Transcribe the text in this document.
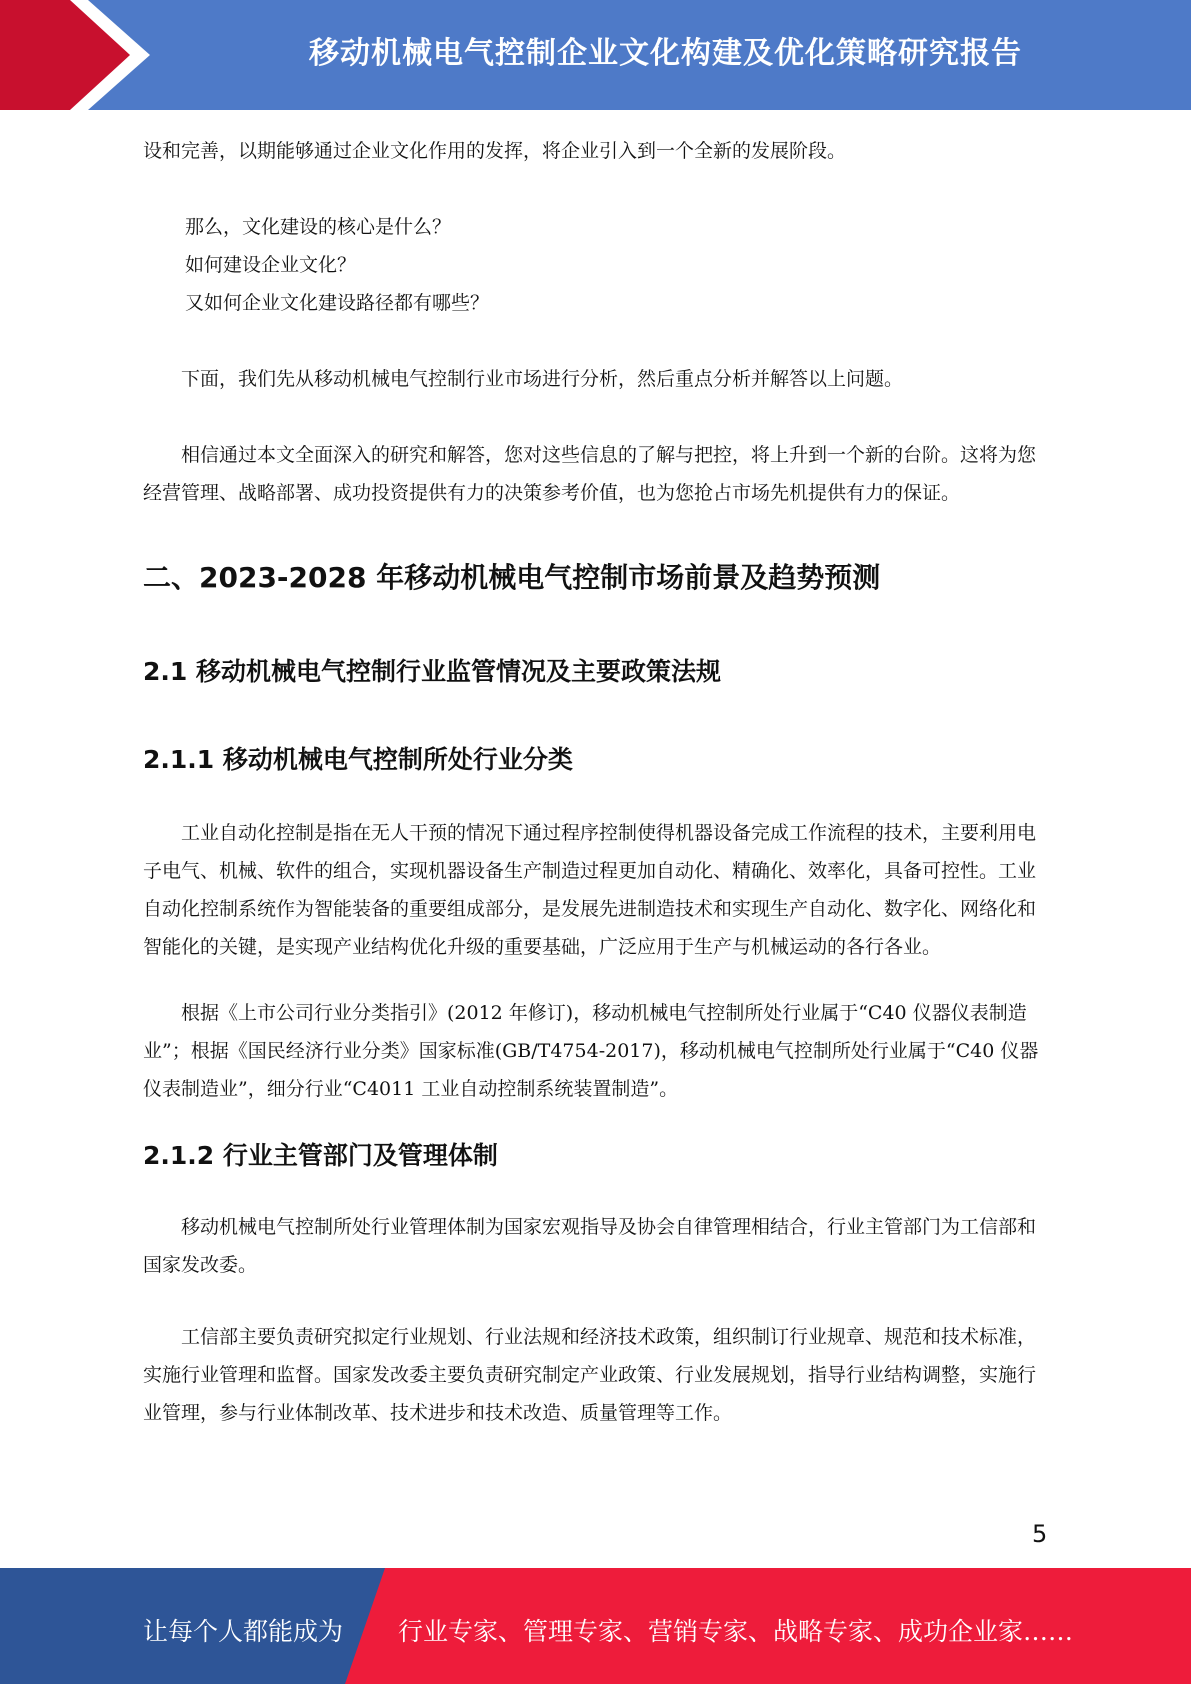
移动机械电气控制企业文化构建及优化策略研究报告

设和完善，以期能够通过企业文化作用的发挥，将企业引入到一个全新的发展阶段。

那么，文化建设的核心是什么？
如何建设企业文化？
又如何企业文化建设路径都有哪些？

下面，我们先从移动机械电气控制行业市场进行分析，然后重点分析并解答以上问题。

相信通过本文全面深入的研究和解答，您对这些信息的了解与把控，将上升到一个新的台阶。这将为您经营管理、战略部署、成功投资提供有力的决策参考价值，也为您抢占市场先机提供有力的保证。

二、2023-2028 年移动机械电气控制市场前景及趋势预测
2.1 移动机械电气控制行业监管情况及主要政策法规
2.1.1 移动机械电气控制所处行业分类

工业自动化控制是指在无人干预的情况下通过程序控制使得机器设备完成工作流程的技术，主要利用电子电气、机械、软件的组合，实现机器设备生产制造过程更加自动化、精确化、效率化，具备可控性。工业自动化控制系统作为智能装备的重要组成部分，是发展先进制造技术和实现生产自动化、数字化、网络化和智能化的关键，是实现产业结构优化升级的重要基础，广泛应用于生产与机械运动的各行各业。

根据《上市公司行业分类指引》(2012 年修订)，移动机械电气控制所处行业属于“C40 仪器仪表制造业”；根据《国民经济行业分类》国家标准(GB/T4754-2017)，移动机械电气控制所处行业属于“C40 仪器仪表制造业”，细分行业“C4011 工业自动控制系统装置制造”。

2.1.2 行业主管部门及管理体制

移动机械电气控制所处行业管理体制为国家宏观指导及协会自律管理相结合，行业主管部门为工信部和国家发改委。

工信部主要负责研究拟定行业规划、行业法规和经济技术政策，组织制订行业规章、规范和技术标准，实施行业管理和监督。国家发改委主要负责研究制定产业政策、行业发展规划，指导行业结构调整，实施行业管理，参与行业体制改革、技术进步和技术改造、质量管理等工作。

5
让每个人都能成为 行业专家、管理专家、营销专家、战略专家、成功企业家……
